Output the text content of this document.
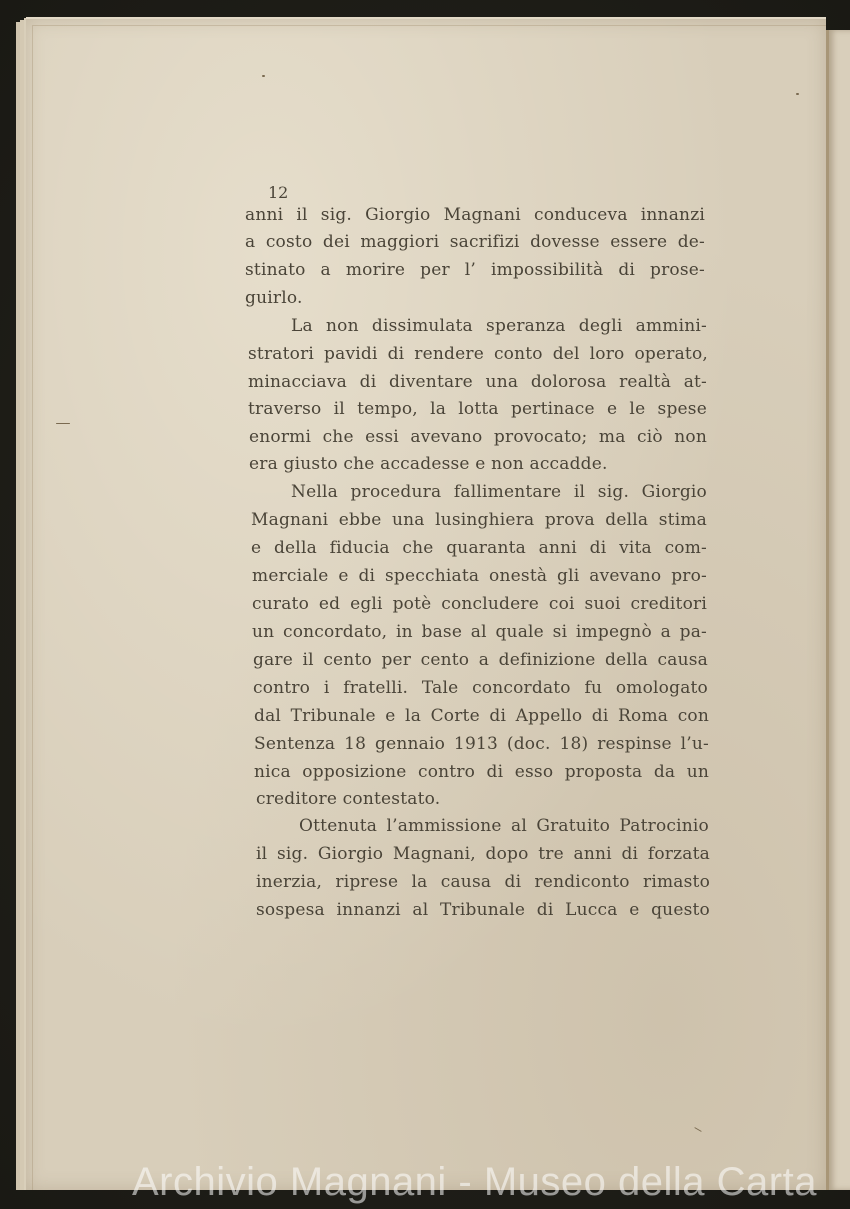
12
anni il sig. Giorgio Magnani conduceva innanzi
a costo dei maggiori sacrifizi dovesse essere de-
stinato a morire per l’ impossibilità di prose-
guirlo.
La non dissimulata speranza degli ammini-
stratori pavidi di rendere conto del loro operato,
minacciava di diventare una dolorosa realtà at-
traverso il tempo, la lotta pertinace e le spese
enormi che essi avevano provocato; ma ciò non
era giusto che accadesse e non accadde.
Nella procedura fallimentare il sig. Giorgio
Magnani ebbe una lusinghiera prova della stima
e della fiducia che quaranta anni di vita com-
merciale e di specchiata onestà gli avevano pro-
curato ed egli potè concludere coi suoi creditori
un concordato, in base al quale si impegnò a pa-
gare il cento per cento a definizione della causa
contro i fratelli. Tale concordato fu omologato
dal Tribunale e la Corte di Appello di Roma con
Sentenza 18 gennaio 1913 (doc. 18) respinse l’u-
nica opposizione contro di esso proposta da un
creditore contestato.
Ottenuta l’ammissione al Gratuito Patrocinio
il sig. Giorgio Magnani, dopo tre anni di forzata
inerzia, riprese la causa di rendiconto rimasto
sospesa innanzi al Tribunale di Lucca e questo
Archivio Magnani - Museo della Carta
